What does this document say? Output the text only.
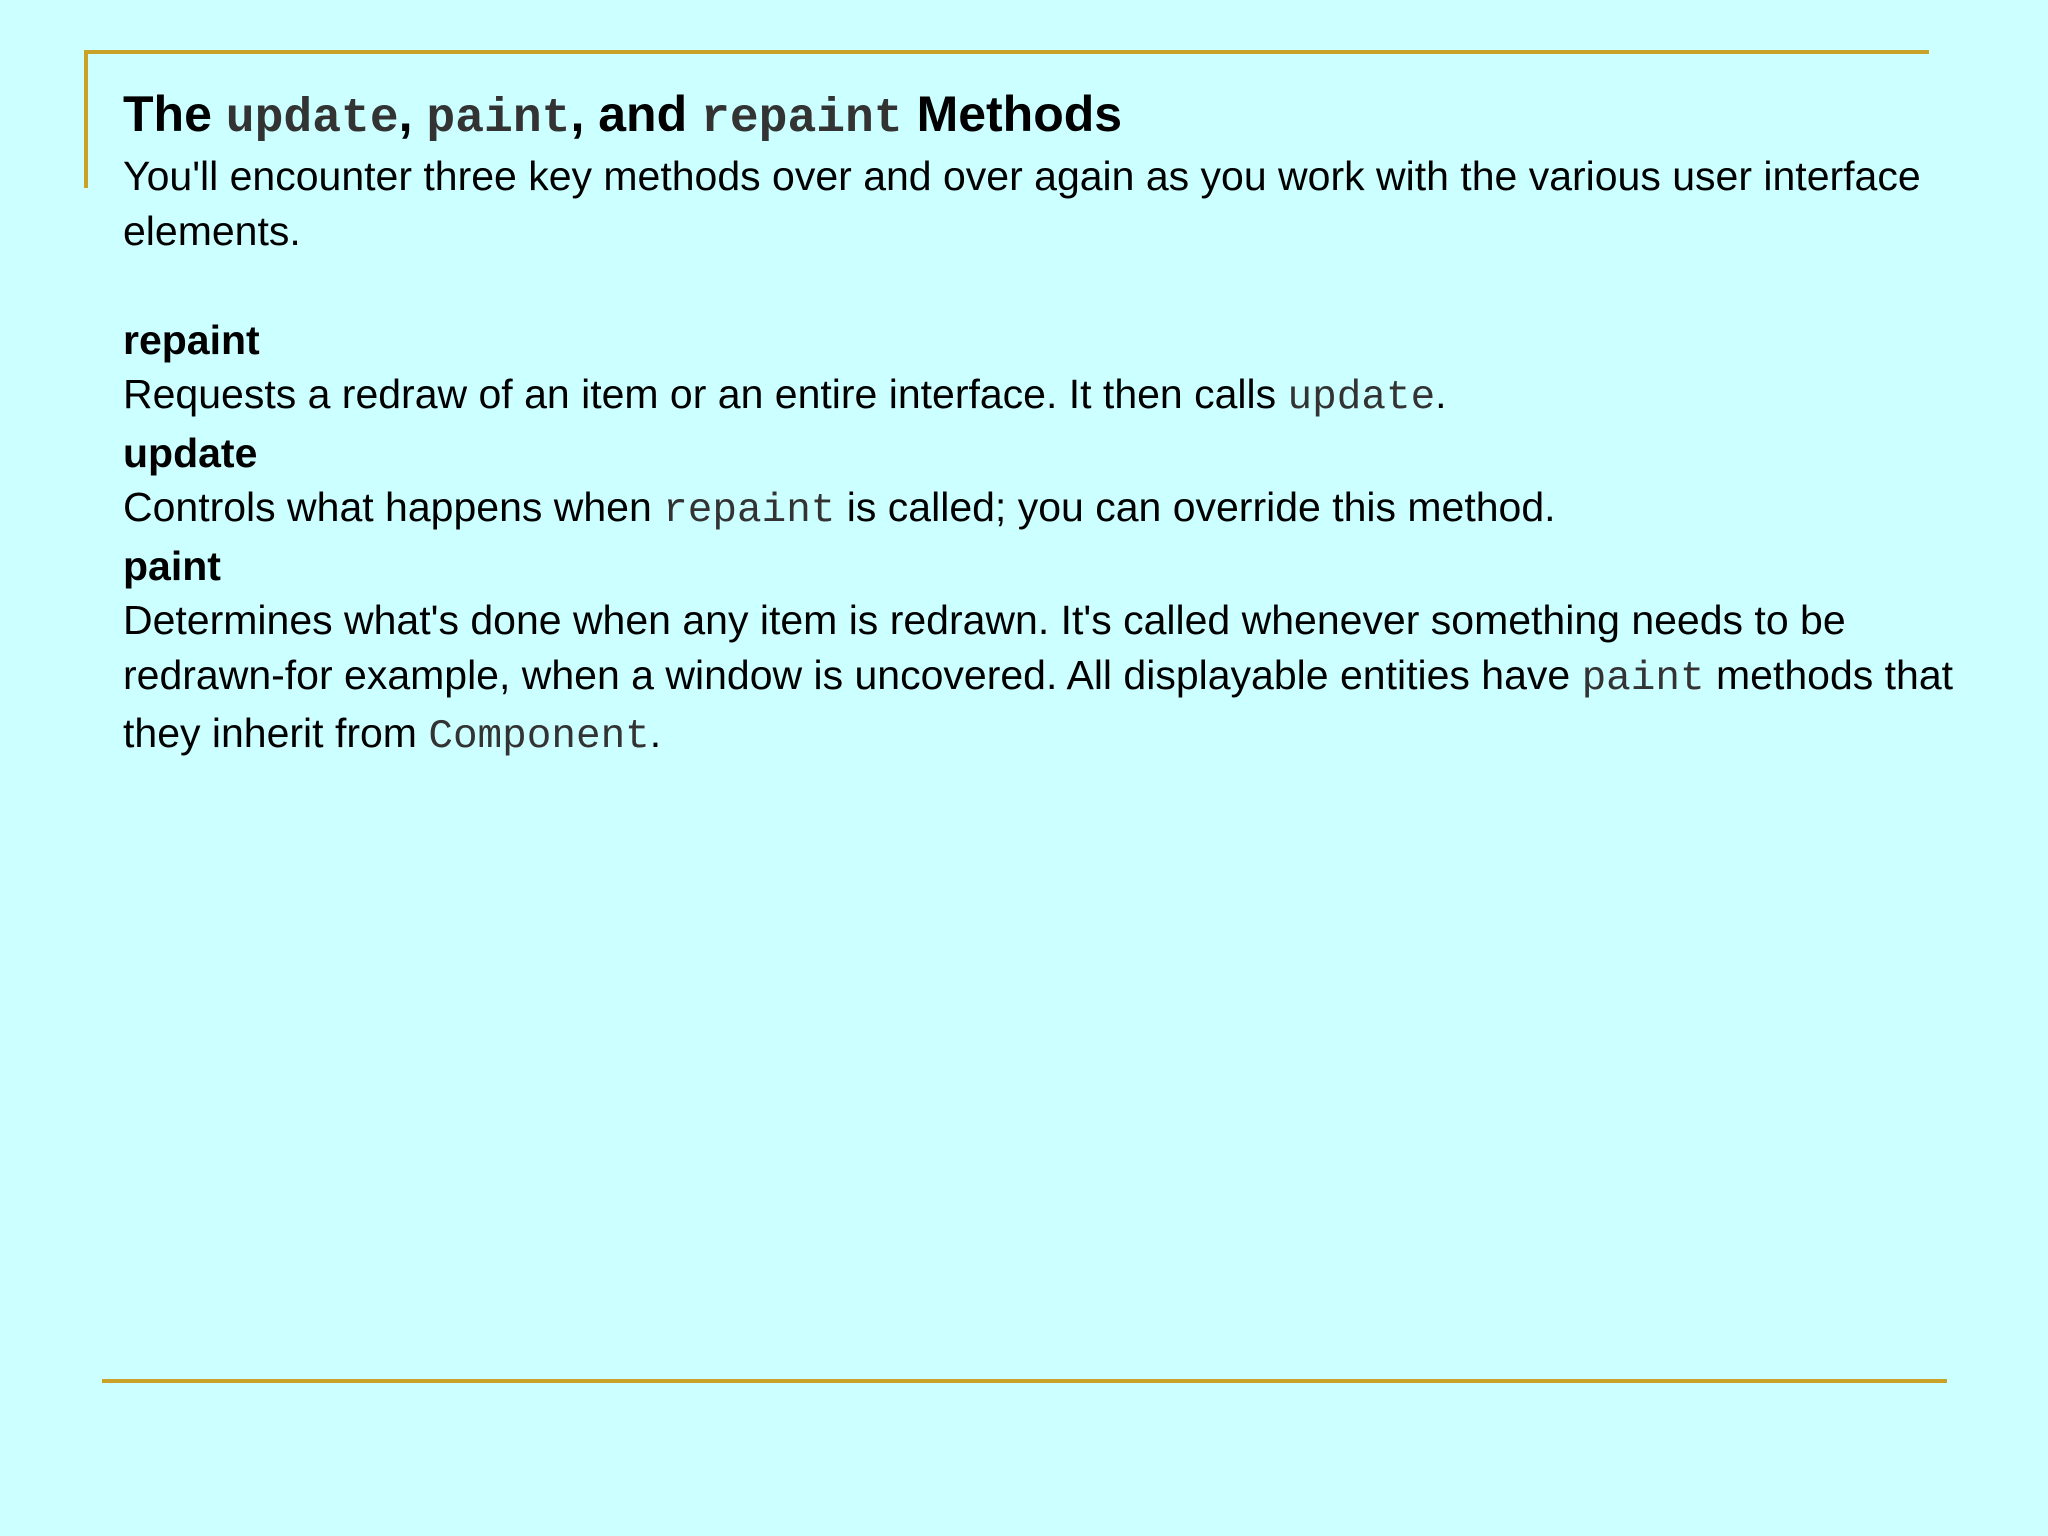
The update, paint, and repaint Methods

You'll encounter three key methods over and over again as you work with the various user interface elements.

repaint

Requests a redraw of an item or an entire interface. It then calls update.

update

Controls what happens when repaint is called; you can override this method.

paint

Determines what's done when any item is redrawn. It's called whenever something needs to be redrawn-for example, when a window is uncovered. All displayable entities have paint methods that they inherit from Component.
